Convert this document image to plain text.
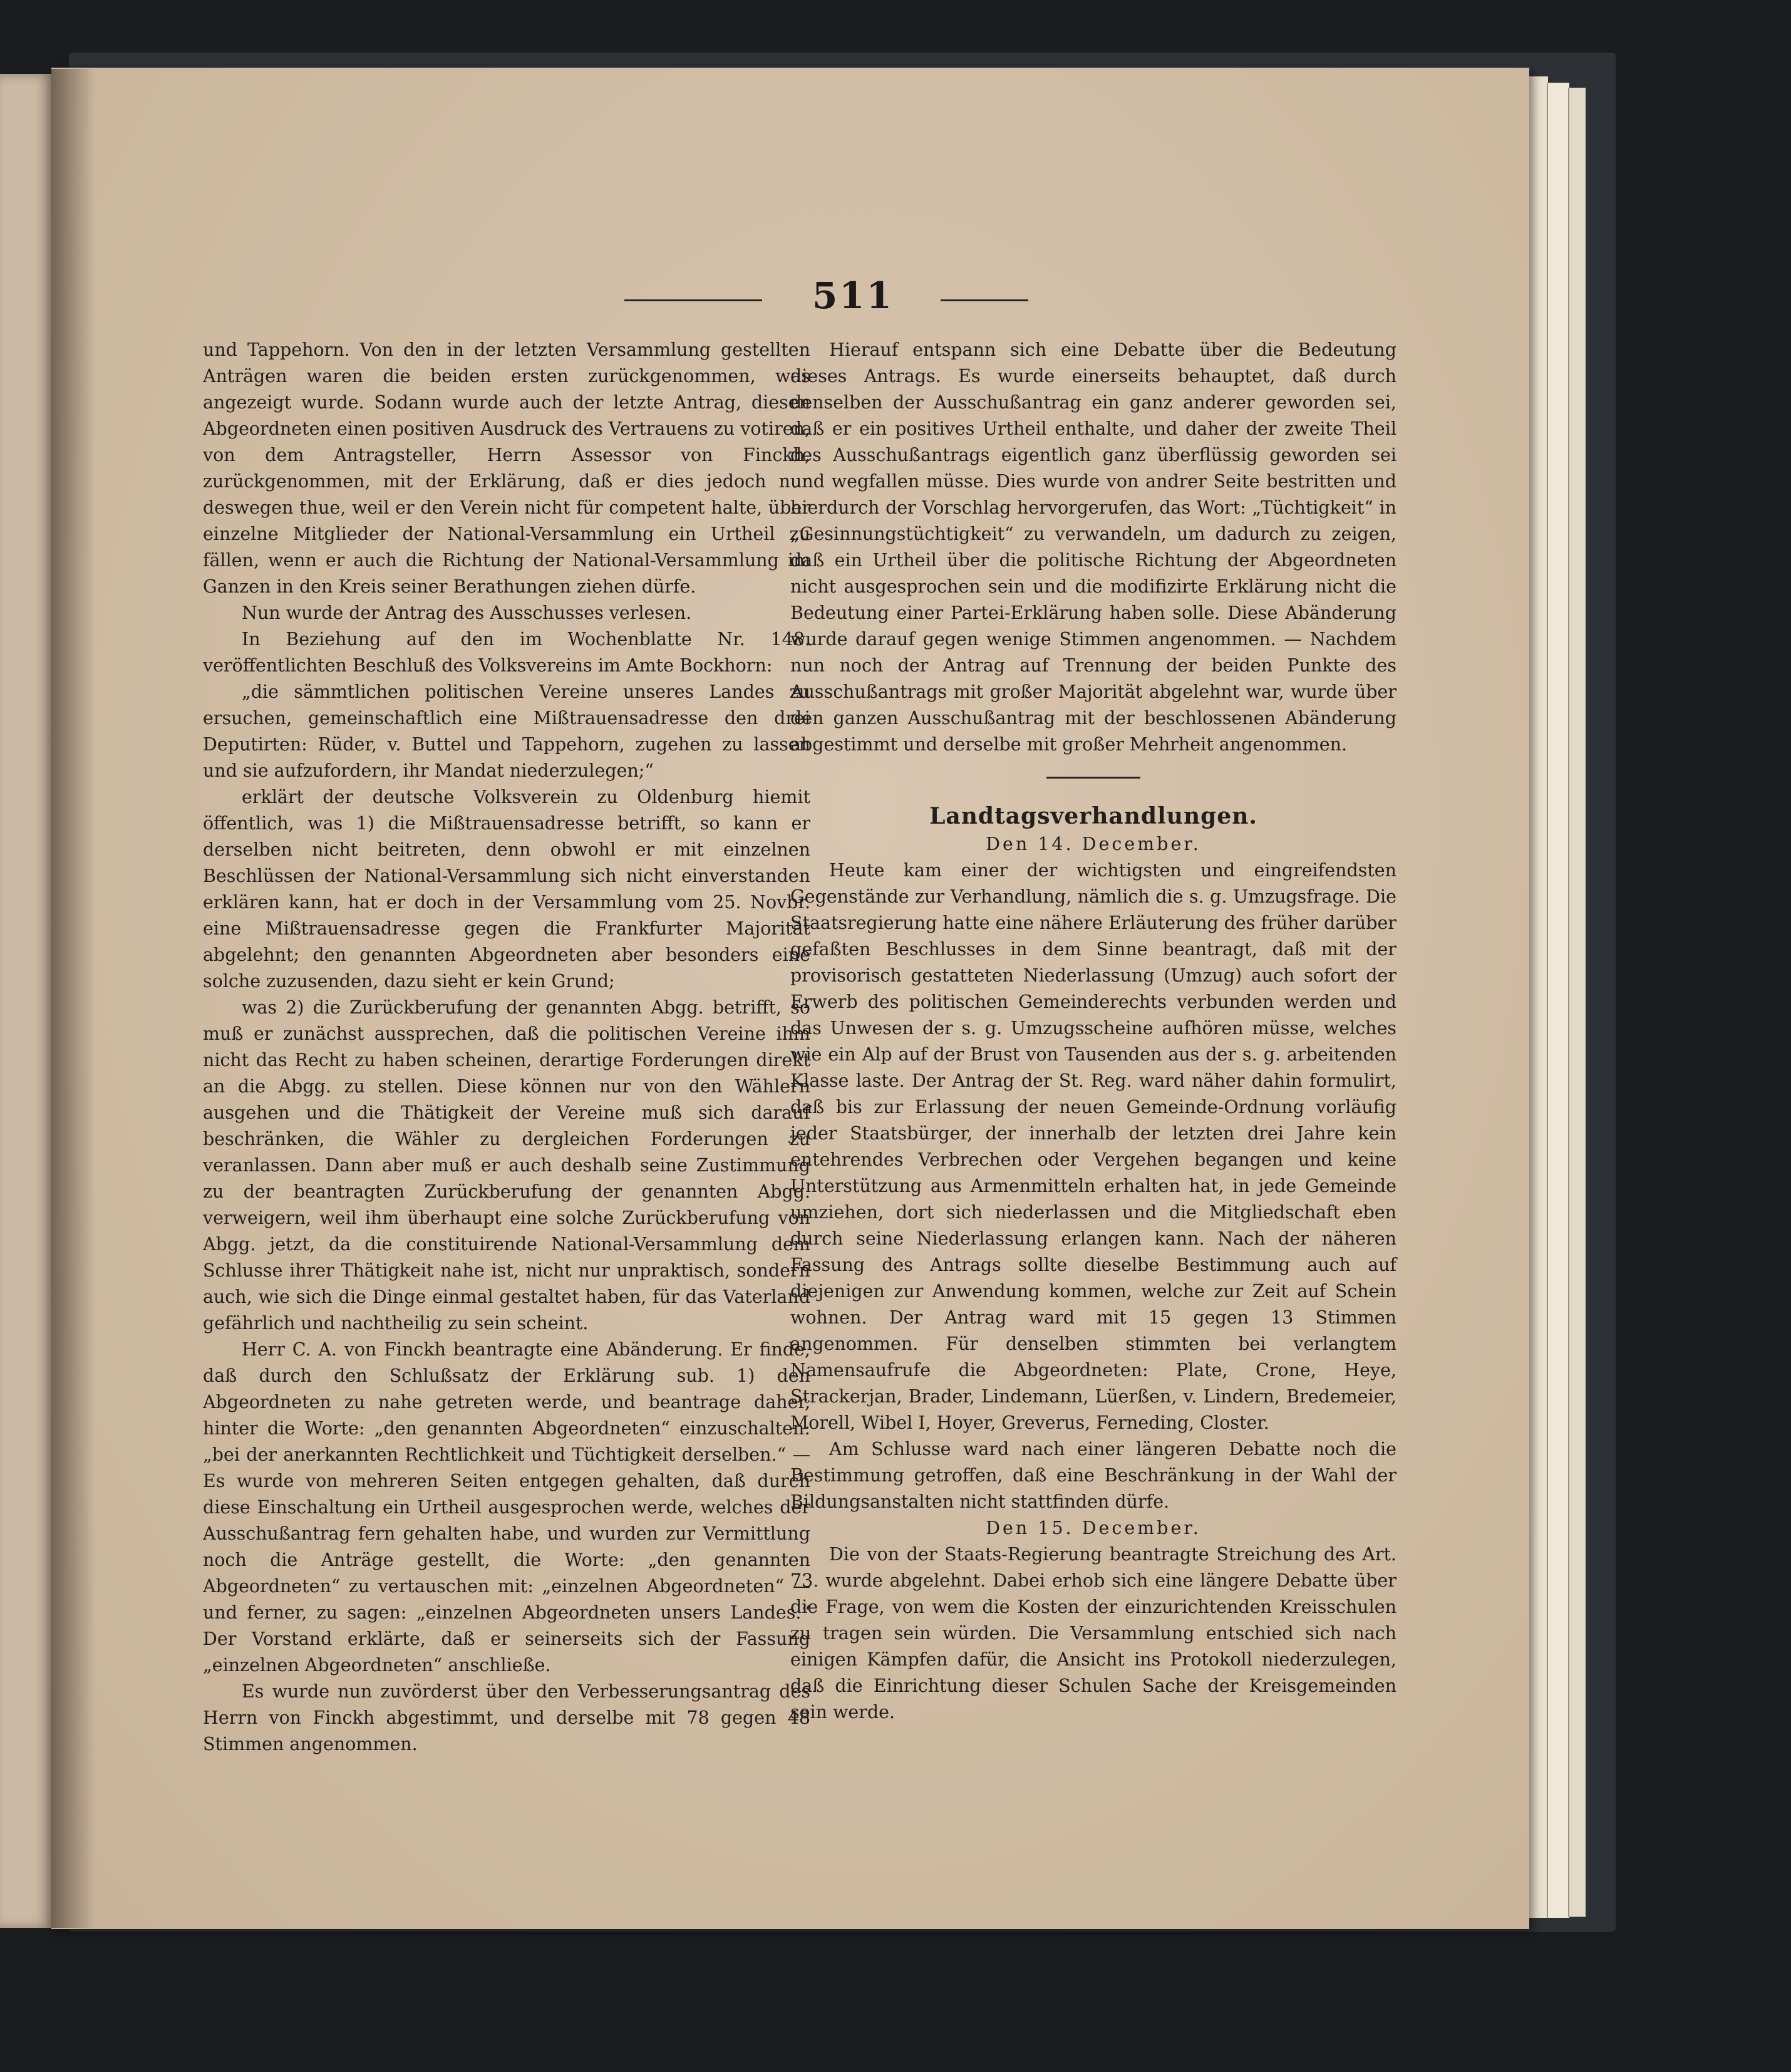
511

und Tappehorn. Von den in der letzten Versammlung gestellten Anträgen waren die beiden ersten zurückgenommen, was angezeigt wurde. Sodann wurde auch der letzte Antrag, diesen Abgeordneten einen positiven Ausdruck des Vertrauens zu votiren, von dem Antragsteller, Herrn Assessor von Finckh, zurückgenommen, mit der Erklärung, daß er dies jedoch nur deswegen thue, weil er den Verein nicht für competent halte, über einzelne Mitglieder der National-Versammlung ein Urtheil zu fällen, wenn er auch die Richtung der National-Versammlung im Ganzen in den Kreis seiner Berathungen ziehen dürfe.

Nun wurde der Antrag des Ausschusses verlesen.

In Beziehung auf den im Wochenblatte Nr. 148. veröffentlichten Beschluß des Volksvereins im Amte Bockhorn:

„die sämmtlichen politischen Vereine unseres Landes zu ersuchen, gemeinschaftlich eine Mißtrauensadresse den drei Deputirten: Rüder, v. Buttel und Tappehorn, zugehen zu lassen und sie aufzufordern, ihr Mandat niederzulegen;“

erklärt der deutsche Volksverein zu Oldenburg hiemit öffentlich, was 1) die Mißtrauensadresse betrifft, so kann er derselben nicht beitreten, denn obwohl er mit einzelnen Beschlüssen der National-Versammlung sich nicht einverstanden erklären kann, hat er doch in der Versammlung vom 25. Novbr. eine Mißtrauensadresse gegen die Frankfurter Majorität abgelehnt; den genannten Abgeordneten aber besonders eine solche zuzusenden, dazu sieht er kein Grund;

was 2) die Zurückberufung der genannten Abgg. betrifft, so muß er zunächst aussprechen, daß die politischen Vereine ihm nicht das Recht zu haben scheinen, derartige Forderungen direkt an die Abgg. zu stellen. Diese können nur von den Wählern ausgehen und die Thätigkeit der Vereine muß sich darauf beschränken, die Wähler zu dergleichen Forderungen zu veranlassen. Dann aber muß er auch deshalb seine Zustimmung zu der beantragten Zurückberufung der genannten Abgg. verweigern, weil ihm überhaupt eine solche Zurückberufung von Abgg. jetzt, da die constituirende National-Versammlung dem Schlusse ihrer Thätigkeit nahe ist, nicht nur unpraktisch, sondern auch, wie sich die Dinge einmal gestaltet haben, für das Vaterland gefährlich und nachtheilig zu sein scheint.

Herr C. A. von Finckh beantragte eine Abänderung. Er finde, daß durch den Schlußsatz der Erklärung sub. 1) den Abgeordneten zu nahe getreten werde, und beantrage daher, hinter die Worte: „den genannten Abgeordneten“ einzuschalten: „bei der anerkannten Rechtlichkeit und Tüchtigkeit derselben.“ — Es wurde von mehreren Seiten entgegen gehalten, daß durch diese Einschaltung ein Urtheil ausgesprochen werde, welches der Ausschußantrag fern gehalten habe, und wurden zur Vermittlung noch die Anträge gestellt, die Worte: „den genannten Abgeordneten“ zu vertauschen mit: „einzelnen Abgeordneten“ — und ferner, zu sagen: „einzelnen Abgeordneten unsers Landes.“ Der Vorstand erklärte, daß er seinerseits sich der Fassung „einzelnen Abgeordneten“ anschließe.

Es wurde nun zuvörderst über den Verbesserungsantrag des Herrn von Finckh abgestimmt, und derselbe mit 78 gegen 48 Stimmen angenommen.

Hierauf entspann sich eine Debatte über die Bedeutung dieses Antrags. Es wurde einerseits behauptet, daß durch denselben der Ausschußantrag ein ganz anderer geworden sei, daß er ein positives Urtheil enthalte, und daher der zweite Theil des Ausschußantrags eigentlich ganz überflüssig geworden sei und wegfallen müsse. Dies wurde von andrer Seite bestritten und hierdurch der Vorschlag hervorgerufen, das Wort: „Tüchtigkeit“ in „Gesinnungstüchtigkeit“ zu verwandeln, um dadurch zu zeigen, daß ein Urtheil über die politische Richtung der Abgeordneten nicht ausgesprochen sein und die modifizirte Erklärung nicht die Bedeutung einer Partei-Erklärung haben solle. Diese Abänderung wurde darauf gegen wenige Stimmen angenommen. — Nachdem nun noch der Antrag auf Trennung der beiden Punkte des Ausschußantrags mit großer Majorität abgelehnt war, wurde über den ganzen Ausschußantrag mit der beschlossenen Abänderung abgestimmt und derselbe mit großer Mehrheit angenommen.

Landtagsverhandlungen.

Den 14. December.

Heute kam einer der wichtigsten und eingreifendsten Gegenstände zur Verhandlung, nämlich die s. g. Umzugsfrage. Die Staatsregierung hatte eine nähere Erläuterung des früher darüber gefaßten Beschlusses in dem Sinne beantragt, daß mit der provisorisch gestatteten Niederlassung (Umzug) auch sofort der Erwerb des politischen Gemeinderechts verbunden werden und das Unwesen der s. g. Umzugsscheine aufhören müsse, welches wie ein Alp auf der Brust von Tausenden aus der s. g. arbeitenden Klasse laste. Der Antrag der St. Reg. ward näher dahin formulirt, daß bis zur Erlassung der neuen Gemeinde-Ordnung vorläufig jeder Staatsbürger, der innerhalb der letzten drei Jahre kein entehrendes Verbrechen oder Vergehen begangen und keine Unterstützung aus Armenmitteln erhalten hat, in jede Gemeinde umziehen, dort sich niederlassen und die Mitgliedschaft eben durch seine Niederlassung erlangen kann. Nach der näheren Fassung des Antrags sollte dieselbe Bestimmung auch auf diejenigen zur Anwendung kommen, welche zur Zeit auf Schein wohnen. Der Antrag ward mit 15 gegen 13 Stimmen angenommen. Für denselben stimmten bei verlangtem Namensaufrufe die Abgeordneten: Plate, Crone, Heye, Strackerjan, Brader, Lindemann, Lüerßen, v. Lindern, Bredemeier, Morell, Wibel I, Hoyer, Greverus, Ferneding, Closter.

Am Schlusse ward nach einer längeren Debatte noch die Bestimmung getroffen, daß eine Beschränkung in der Wahl der Bildungsanstalten nicht stattfinden dürfe.

Den 15. December.

Die von der Staats-Regierung beantragte Streichung des Art. 73. wurde abgelehnt. Dabei erhob sich eine längere Debatte über die Frage, von wem die Kosten der einzurichtenden Kreisschulen zu tragen sein würden. Die Versammlung entschied sich nach einigen Kämpfen dafür, die Ansicht ins Protokoll niederzulegen, daß die Einrichtung dieser Schulen Sache der Kreisgemeinden sein werde.
